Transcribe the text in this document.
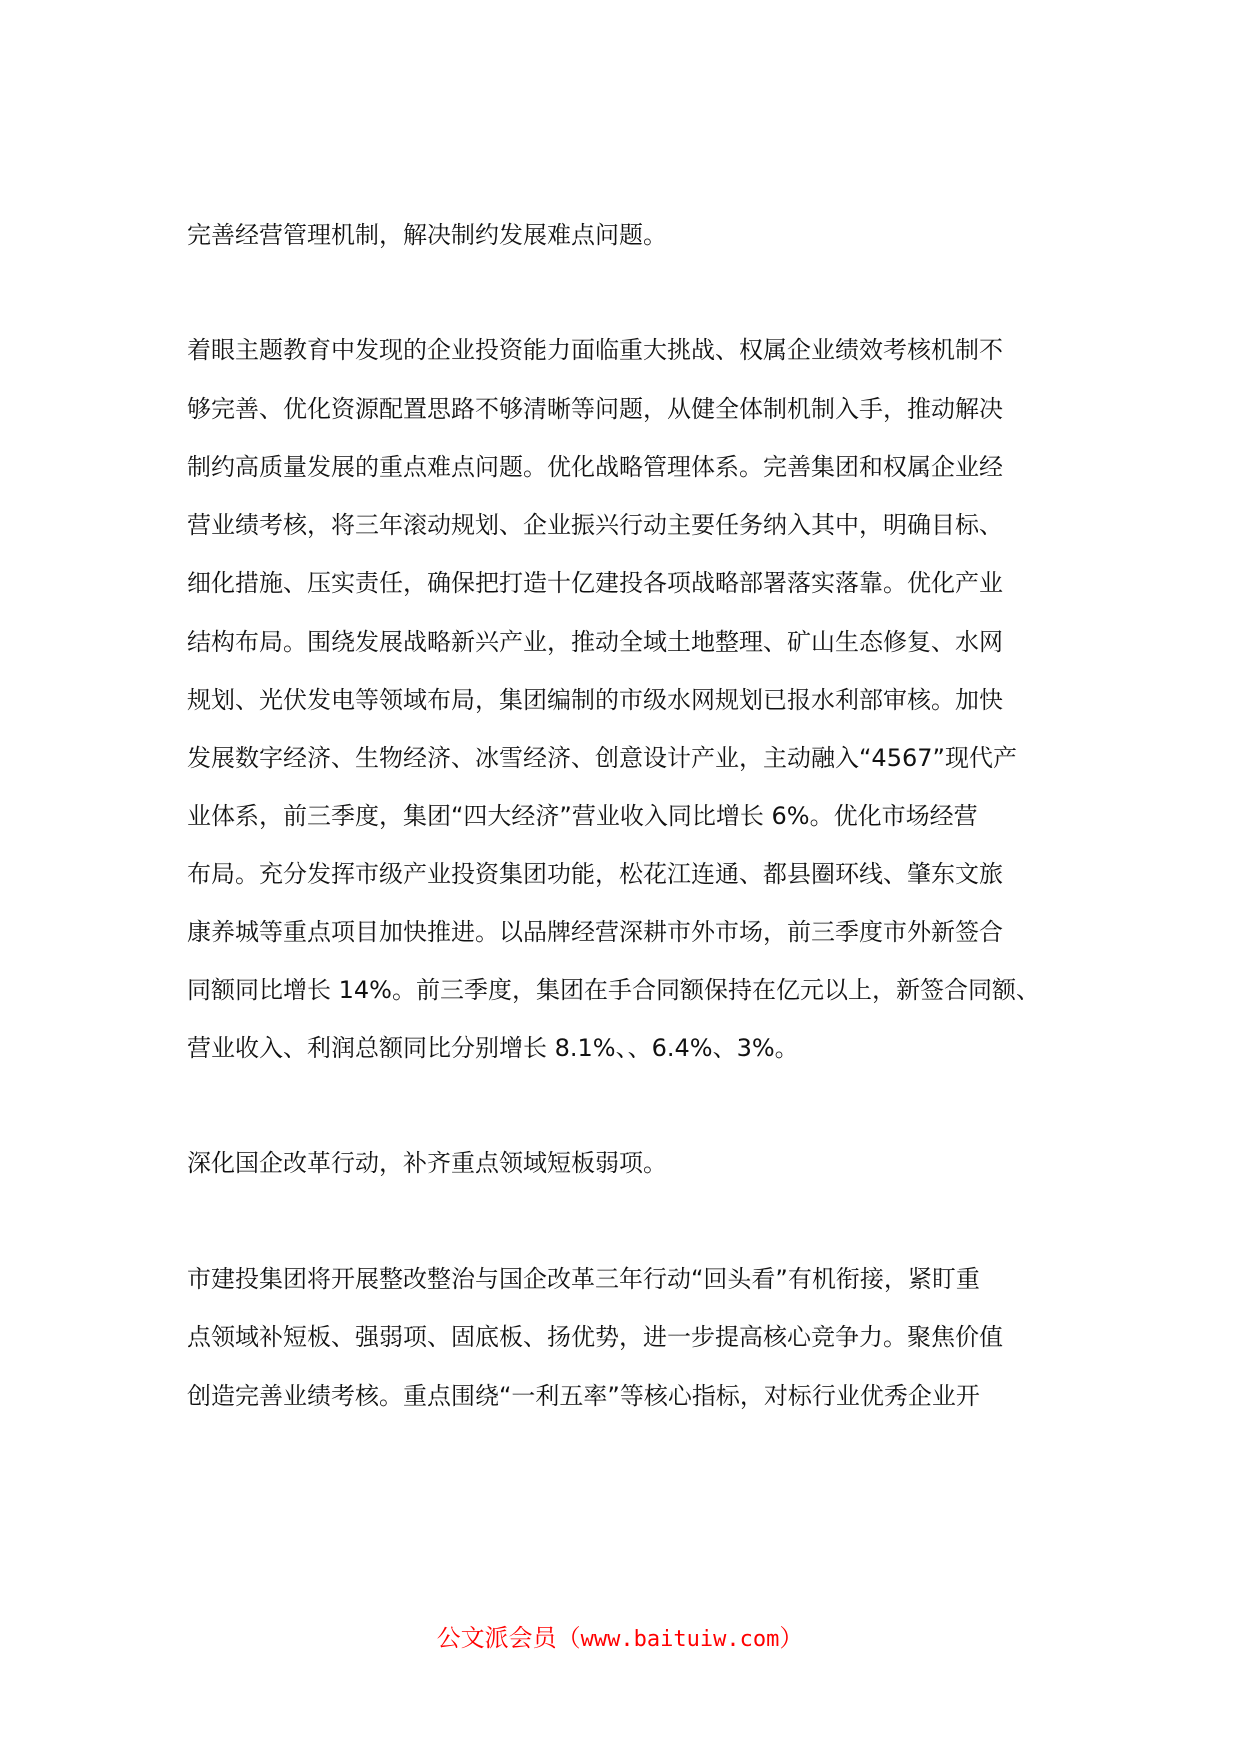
完善经营管理机制，解决制约发展难点问题。
着眼主题教育中发现的企业投资能力面临重大挑战、权属企业绩效考核机制不
够完善、优化资源配置思路不够清晰等问题，从健全体制机制入手，推动解决
制约高质量发展的重点难点问题。优化战略管理体系。完善集团和权属企业经
营业绩考核，将三年滚动规划、企业振兴行动主要任务纳入其中，明确目标、
细化措施、压实责任，确保把打造十亿建投各项战略部署落实落靠。优化产业
结构布局。围绕发展战略新兴产业，推动全域土地整理、矿山生态修复、水网
规划、光伏发电等领域布局，集团编制的市级水网规划已报水利部审核。加快
发展数字经济、生物经济、冰雪经济、创意设计产业，主动融入“4567”现代产
业体系，前三季度，集团“四大经济”营业收入同比增长 6%。优化市场经营
布局。充分发挥市级产业投资集团功能，松花江连通、都县圈环线、肇东文旅
康养城等重点项目加快推进。以品牌经营深耕市外市场，前三季度市外新签合
同额同比增长 14%。前三季度，集团在手合同额保持在亿元以上，新签合同额、
营业收入、利润总额同比分别增长 8.1%、、6.4%、3%。
深化国企改革行动，补齐重点领域短板弱项。
市建投集团将开展整改整治与国企改革三年行动“回头看”有机衔接，紧盯重
点领域补短板、强弱项、固底板、扬优势，进一步提高核心竞争力。聚焦价值
创造完善业绩考核。重点围绕“一利五率”等核心指标，对标行业优秀企业开
公文派会员（www.baituiw.com）
